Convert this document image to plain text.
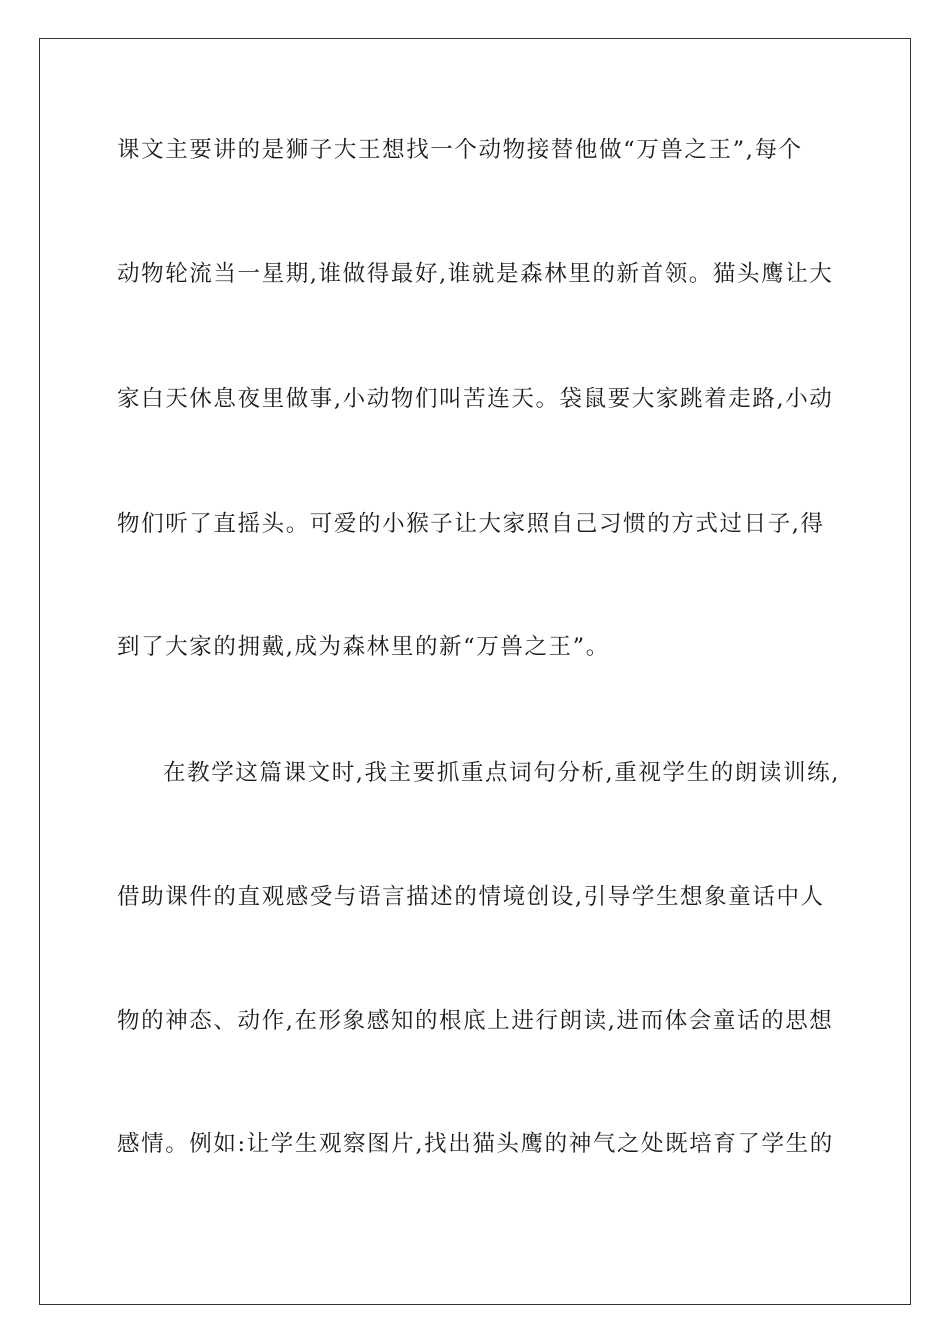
课文主要讲的是狮子大王想找一个动物接替他做“万兽之王”,每个
动物轮流当一星期,谁做得最好,谁就是森林里的新首领。猫头鹰让大
家白天休息夜里做事,小动物们叫苦连天。袋鼠要大家跳着走路,小动
物们听了直摇头。可爱的小猴子让大家照自己习惯的方式过日子,得
到了大家的拥戴,成为森林里的新“万兽之王”。
在教学这篇课文时,我主要抓重点词句分析,重视学生的朗读训练,
借助课件的直观感受与语言描述的情境创设,引导学生想象童话中人
物的神态、动作,在形象感知的根底上进行朗读,进而体会童话的思想
感情。例如:让学生观察图片,找出猫头鹰的神气之处既培育了学生的
